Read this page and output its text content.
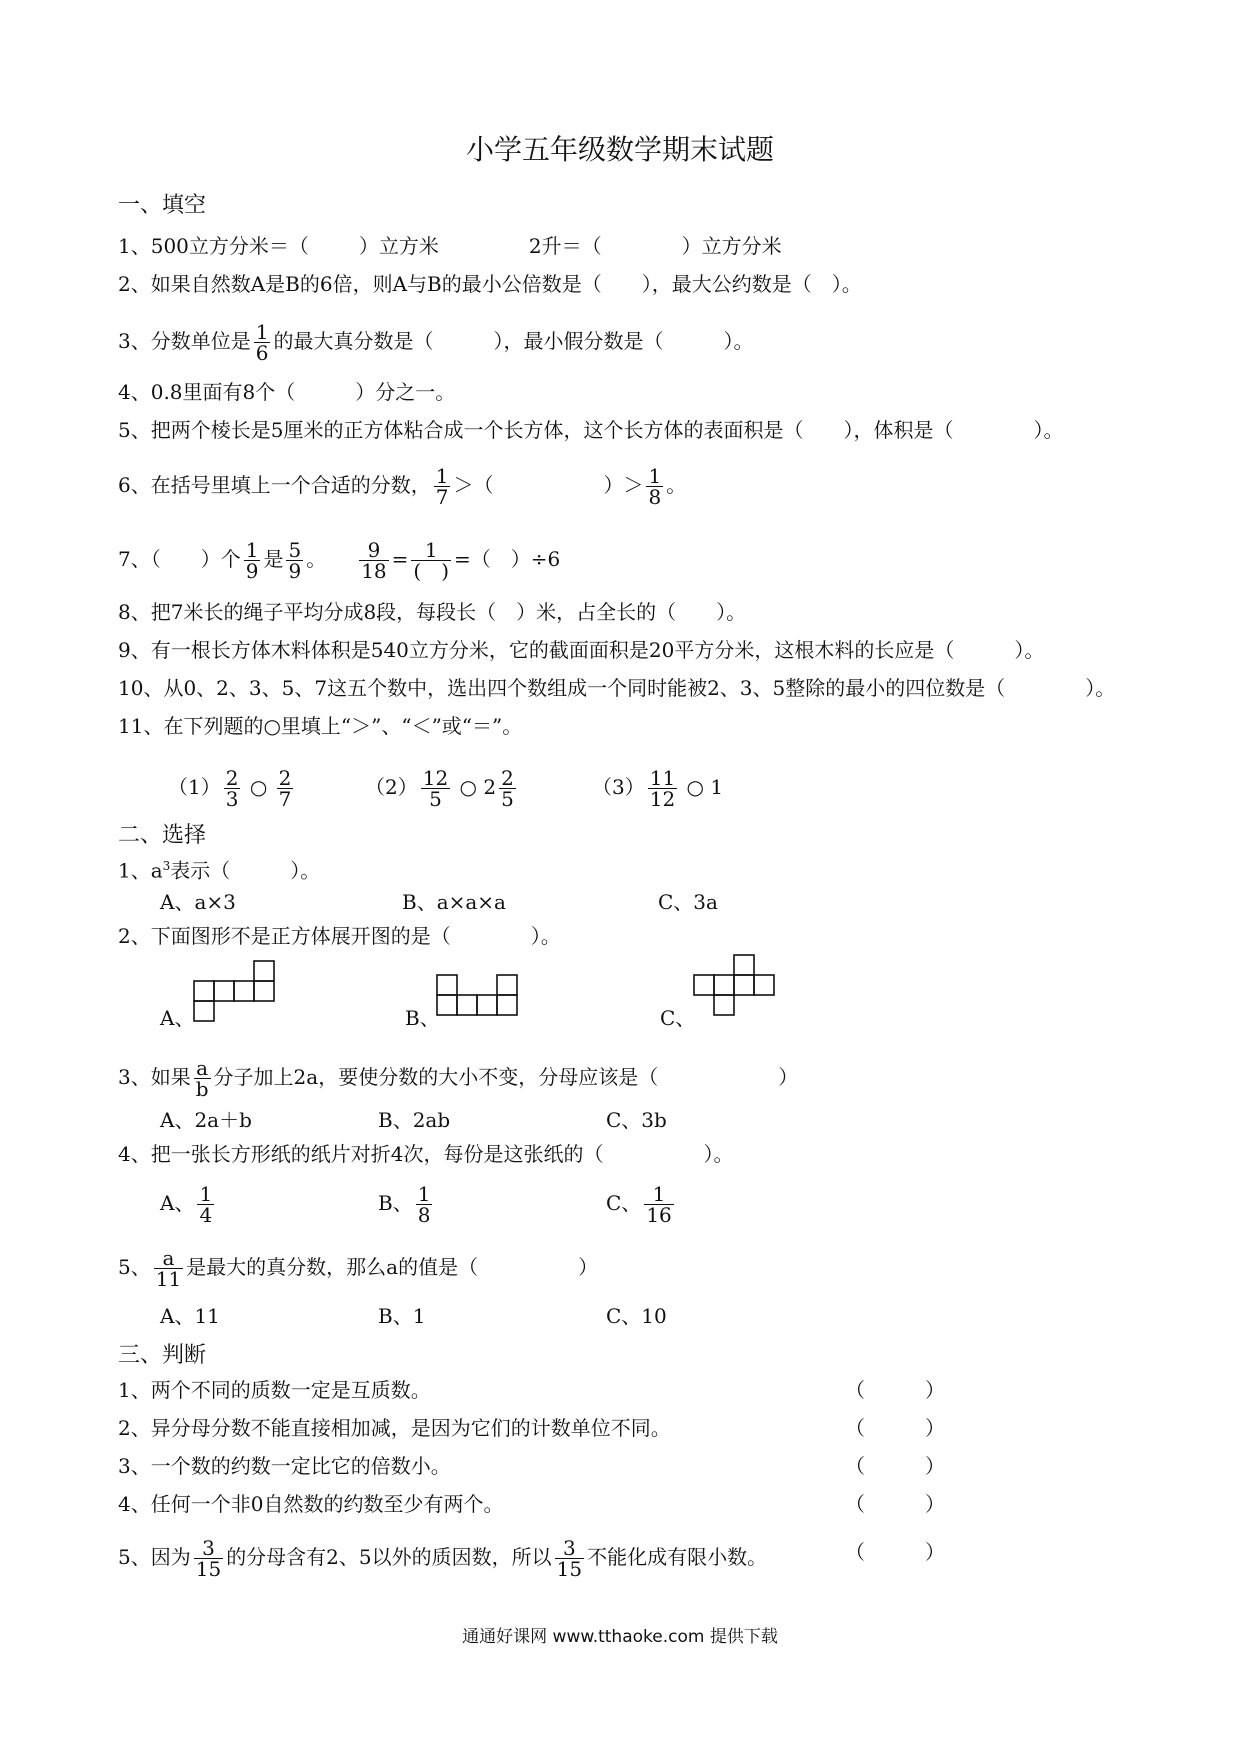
小学五年级数学期末试题
一、填空
1、500立方分米＝（	）立方米	2升＝（	）立方分米
2、如果自然数A是B的6倍，则A与B的最小公倍数是（　　），最大公约数是（　）。
3、分数单位是 $\frac{1}{6}$ 的最大真分数是（　　　），最小假分数是（　　　）。
4、0.8里面有8个（　　　）分之一。
5、把两个棱长是5厘米的正方体粘合成一个长方体，这个长方体的表面积是（　　），体积是（　　　　）。
6、在括号里填上一个合适的分数， $\frac{1}{7}$ ＞（	）＞ $\frac{1}{8}$ 。
7、（　　）个 $\frac{1}{9}$ 是 $\frac{5}{9}$ 。 $\frac{9}{18} = \frac{1}{( )}$ =（　）÷6
8、把7米长的绳子平均分成8段，每段长（　）米，占全长的（　　）。
9、有一根长方体木料体积是540立方分米，它的截面面积是20平方分米，这根木料的长应是（　　　）。
10、从0、2、3、5、7这五个数中，选出四个数组成一个同时能被2、3、5整除的最小的四位数是（　　　　）。
11、在下列题的○里填上“＞”、“＜”或“＝”。
$(1) \frac{2}{3}$ ○ $\frac{2}{7}$	$(2) \frac{12}{5}$ ○ $2 \frac{2}{5}$	$(3) \frac{11}{12}$ ○ 1
二、选择
1、$a^3$表示（　　　）。
A、a×3	B、a×a×a	C、3a
2、下面图形不是正方体展开图的是（　　　　）。
A、	B、	C、
3、如果 $\frac{a}{b}$ 分子加上2a，要使分数的大小不变，分母应该是（　　　　　　）
A、2a＋b	B、2ab	C、3b
4、把一张长方形纸的纸片对折4次，每份是这张纸的（　　　　　）。
A、 $\frac{1}{4}$	B、 $\frac{1}{8}$	C、 $\frac{1}{16}$
5、 $\frac{a}{11}$ 是最大的真分数，那么a的值是（　　　　　）
A、11	B、1	C、10
三、判断
1、两个不同的质数一定是互质数。	（　　　）
2、异分母分数不能直接相加减，是因为它们的计数单位不同。	（　　　）
3、一个数的约数一定比它的倍数小。	（　　　）
4、任何一个非0自然数的约数至少有两个。	（　　　）
5、因为 $\frac{3}{15}$ 的分母含有2、5以外的质因数，所以 $\frac{3}{15}$ 不能化成有限小数。	（　　　）
通通好课网 www.tthaoke.com 提供下载
